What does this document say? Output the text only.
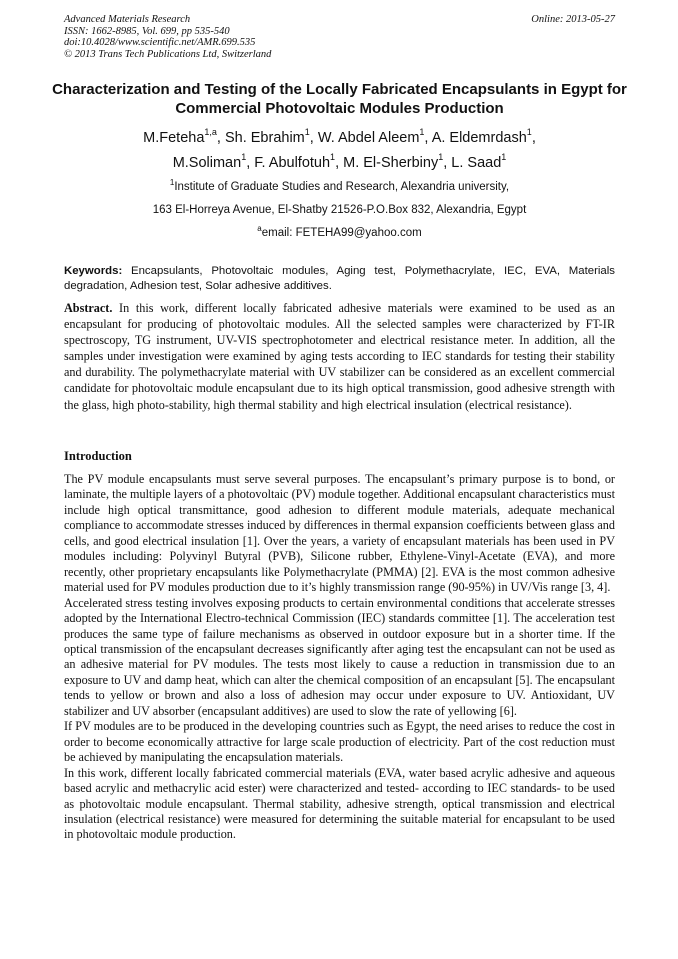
Advanced Materials Research
ISSN: 1662-8985, Vol. 699, pp 535-540
doi:10.4028/www.scientific.net/AMR.699.535
© 2013 Trans Tech Publications Ltd, Switzerland
Online: 2013-05-27
Characterization and Testing of the Locally Fabricated Encapsulants in Egypt for Commercial Photovoltaic Modules Production
M.Feteha$^{1,a}$, Sh. Ebrahim$^1$, W. Abdel Aleem$^1$, A. Eldemrdash$^1$,
M.Soliman$^1$, F. Abulfotuh$^1$, M. El-Sherbiny$^1$, L. Saad$^1$
$^1$Institute of Graduate Studies and Research, Alexandria university,
163 El-Horreya Avenue, El-Shatby 21526-P.O.Box 832, Alexandria, Egypt
$^a$email: FETEHA99@yahoo.com
Keywords: Encapsulants, Photovoltaic modules, Aging test, Polymethacrylate, IEC, EVA, Materials degradation, Adhesion test, Solar adhesive additives.
Abstract. In this work, different locally fabricated adhesive materials were examined to be used as an encapsulant for producing of photovoltaic modules. All the selected samples were characterized by FT-IR spectroscopy, TG instrument, UV-VIS spectrophotometer and electrical resistance meter. In addition, all the samples under investigation were examined by aging tests according to IEC standards for testing their stability and durability. The polymethacrylate material with UV stabilizer can be considered as an excellent commercial candidate for photovoltaic module encapsulant due to its high optical transmission, good adhesive strength with the glass, high photo-stability, high thermal stability and high electrical insulation (electrical resistance).
Introduction

The PV module encapsulants must serve several purposes. The encapsulant’s primary purpose is to bond, or laminate, the multiple layers of a photovoltaic (PV) module together. Additional encapsulant characteristics must include high optical transmittance, good adhesion to different module materials, adequate mechanical compliance to accommodate stresses induced by differences in thermal expansion coefficients between glass and cells, and good electrical insulation [1]. Over the years, a variety of encapsulant materials has been used in PV modules including: Polyvinyl Butyral (PVB), Silicone rubber, Ethylene-Vinyl-Acetate (EVA), and more recently, other proprietary encapsulants like Polymethacrylate (PMMA) [2]. EVA is the most common adhesive material used for PV modules production due to it’s highly transmission range (90-95%) in UV/Vis range [3, 4].

Accelerated stress testing involves exposing products to certain environmental conditions that accelerate stresses adopted by the International Electro-technical Commission (IEC) standards committee [1]. The acceleration test produces the same type of failure mechanisms as observed in outdoor exposure but in a shorter time. If the optical transmission of the encapsulant decreases significantly after aging test the encapsulant can not be used as an adhesive material for PV modules. The tests most likely to cause a reduction in transmission due to an exposure to UV and damp heat, which can alter the chemical composition of an encapsulant [5]. The encapsulant tends to yellow or brown and also a loss of adhesion may occur under exposure to UV. Antioxidant, UV stabilizer and UV absorber (encapsulant additives) are used to slow the rate of yellowing [6].

If PV modules are to be produced in the developing countries such as Egypt, the need arises to reduce the cost in order to become economically attractive for large scale production of electricity. Part of the cost reduction must be achieved by manipulating the encapsulation materials.

In this work, different locally fabricated commercial materials (EVA, water based acrylic adhesive and aqueous based acrylic and methacrylic acid ester) were characterized and tested- according to IEC standards- to be used as photovoltaic module encapsulant. Thermal stability, adhesive strength, optical transmission and electrical insulation (electrical resistance) were measured for determining the suitable material for encapsulant to be used in photovoltaic module production.
